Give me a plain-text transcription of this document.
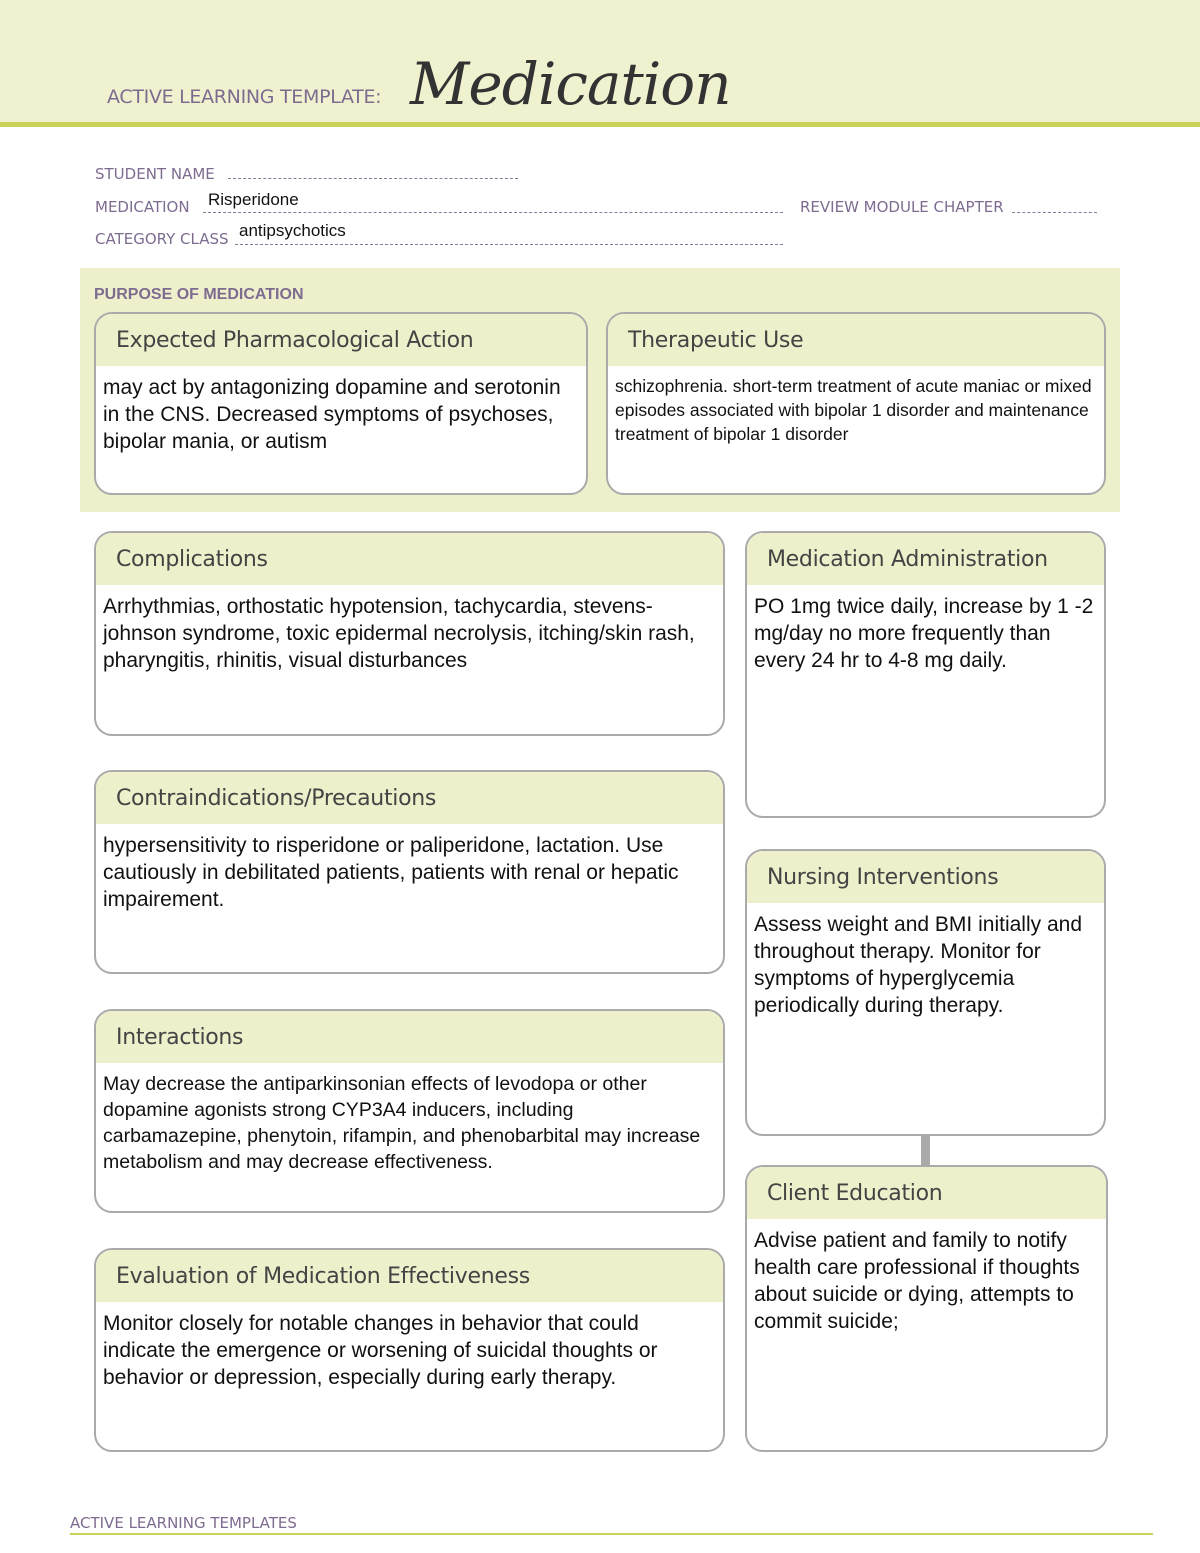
ACTIVE LEARNING TEMPLATE: Medication
STUDENT NAME
MEDICATION Risperidone	REVIEW MODULE CHAPTER
CATEGORY CLASS antipsychotics
PURPOSE OF MEDICATION
Expected Pharmacological Action
may act by antagonizing dopamine and serotonin in the CNS. Decreased symptoms of psychoses, bipolar mania, or autism
Therapeutic Use
schizophrenia. short-term treatment of acute maniac or mixed episodes associated with bipolar 1 disorder and maintenance treatment of bipolar 1 disorder
Complications
Arrhythmias, orthostatic hypotension, tachycardia, stevens-johnson syndrome, toxic epidermal necrolysis, itching/skin rash, pharyngitis, rhinitis, visual disturbances
Contraindications/Precautions
hypersensitivity to risperidone or paliperidone, lactation. Use cautiously in debilitated patients, patients with renal or hepatic impairement.
Interactions
May decrease the antiparkinsonian effects of levodopa or other dopamine agonists strong CYP3A4 inducers, including carbamazepine, phenytoin, rifampin, and phenobarbital may increase metabolism and may decrease effectiveness.
Evaluation of Medication Effectiveness
Monitor closely for notable changes in behavior that could indicate the emergence or worsening of suicidal thoughts or behavior or depression, especially during early therapy.
Medication Administration
PO 1mg twice daily, increase by 1 -2 mg/day no more frequently than every 24 hr to 4-8 mg daily.
Nursing Interventions
Assess weight and BMI initially and throughout therapy. Monitor for symptoms of hyperglycemia periodically during therapy.
Client Education
Advise patient and family to notify health care professional if thoughts about suicide or dying, attempts to commit suicide;
ACTIVE LEARNING TEMPLATES
